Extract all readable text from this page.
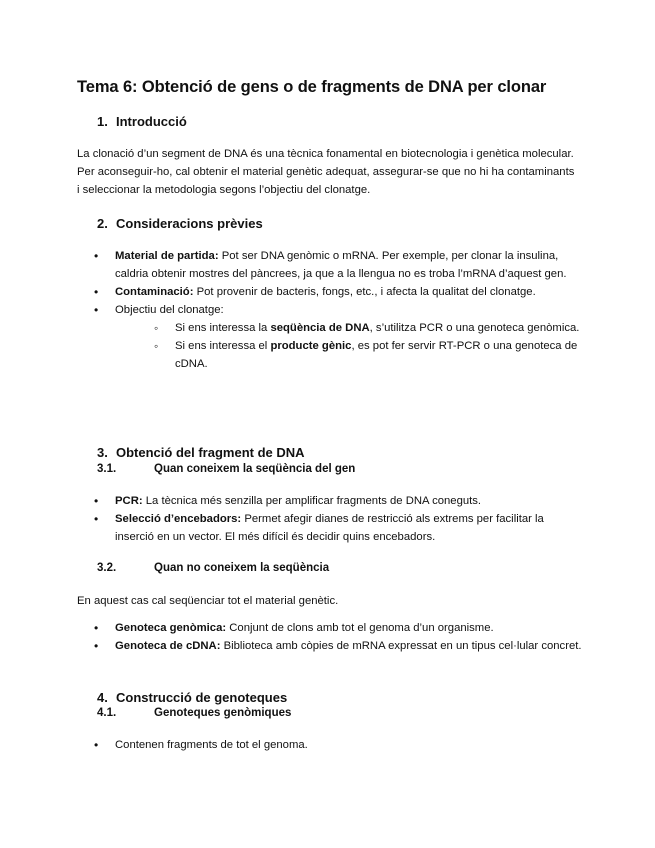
Tema 6: Obtenció de gens o de fragments de DNA per clonar
1. Introducció
La clonació d’un segment de DNA és una tècnica fonamental en biotecnologia i genètica molecular. Per aconseguir-ho, cal obtenir el material genètic adequat, assegurar-se que no hi ha contaminants i seleccionar la metodologia segons l’objectiu del clonatge.
2. Consideracions prèvies
• Material de partida: Pot ser DNA genòmic o mRNA. Per exemple, per clonar la insulina, caldria obtenir mostres del pàncrees, ja que a la llengua no es troba l’mRNA d’aquest gen.
• Contaminació: Pot provenir de bacteris, fongs, etc., i afecta la qualitat del clonatge.
• Objectiu del clonatge:
◦ Si ens interessa la seqüència de DNA, s’utilitza PCR o una genoteca genòmica.
◦ Si ens interessa el producte gènic, es pot fer servir RT-PCR o una genoteca de cDNA.
3. Obtenció del fragment de DNA
3.1.	Quan coneixem la seqüència del gen
• PCR: La tècnica més senzilla per amplificar fragments de DNA coneguts.
• Selecció d’encebadors: Permet afegir dianes de restricció als extrems per facilitar la inserció en un vector. El més difícil és decidir quins encebadors.
3.2.	Quan no coneixem la seqüència
En aquest cas cal seqüenciar tot el material genètic.
• Genoteca genòmica: Conjunt de clons amb tot el genoma d’un organisme.
• Genoteca de cDNA: Biblioteca amb còpies de mRNA expressat en un tipus cel·lular concret.
4. Construcció de genoteques
4.1.	Genoteques genòmiques
• Contenen fragments de tot el genoma.
